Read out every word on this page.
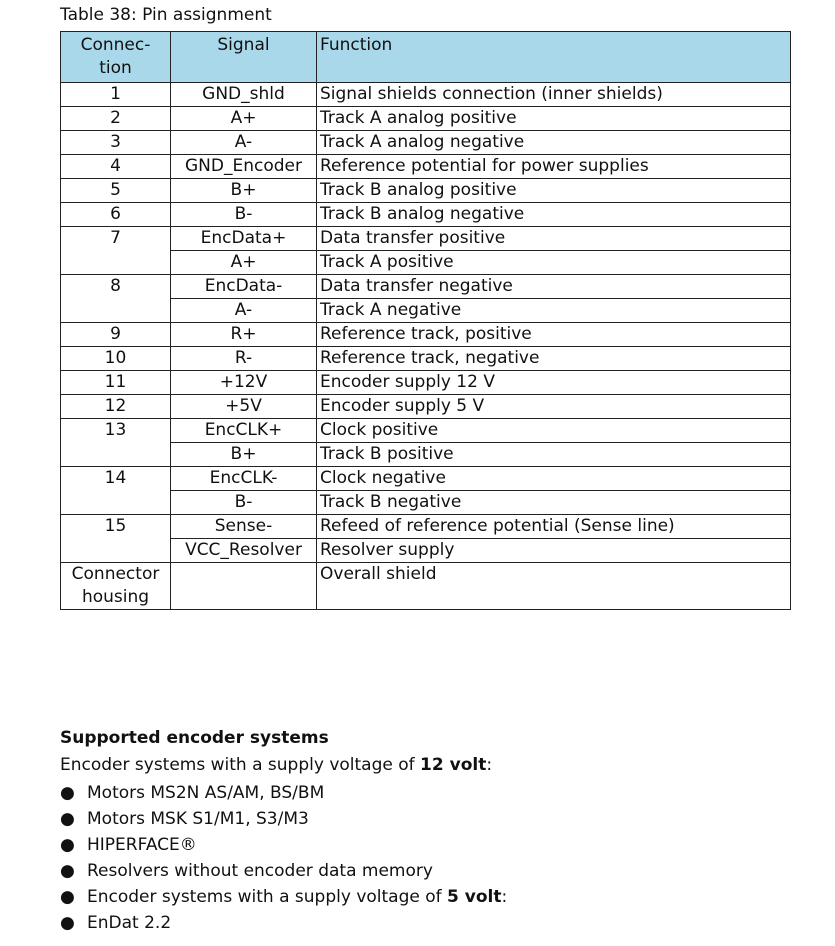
Table 38: Pin assignment
Connec-
tion	Signal	Function
1	GND_shld	Signal shields connection (inner shields)
2	A+	Track A analog positive
3	A-	Track A analog negative
4	GND_Encoder	Reference potential for power supplies
5	B+	Track B analog positive
6	B-	Track B analog negative
7	EncData+	Data transfer positive
	A+	Track A positive
8	EncData-	Data transfer negative
	A-	Track A negative
9	R+	Reference track, positive
10	R-	Reference track, negative
11	+12V	Encoder supply 12 V
12	+5V	Encoder supply 5 V
13	EncCLK+	Clock positive
	B+	Track B positive
14	EncCLK-	Clock negative
	B-	Track B negative
15	Sense-	Refeed of reference potential (Sense line)
	VCC_Resolver	Resolver supply
Connector housing		Overall shield
Supported encoder systems

Encoder systems with a supply voltage of 12 volt:

● Motors MS2N AS/AM, BS/BM
● Motors MSK S1/M1, S3/M3
● HIPERFACE®
● Resolvers without encoder data memory
● Encoder systems with a supply voltage of 5 volt:
● EnDat 2.2
